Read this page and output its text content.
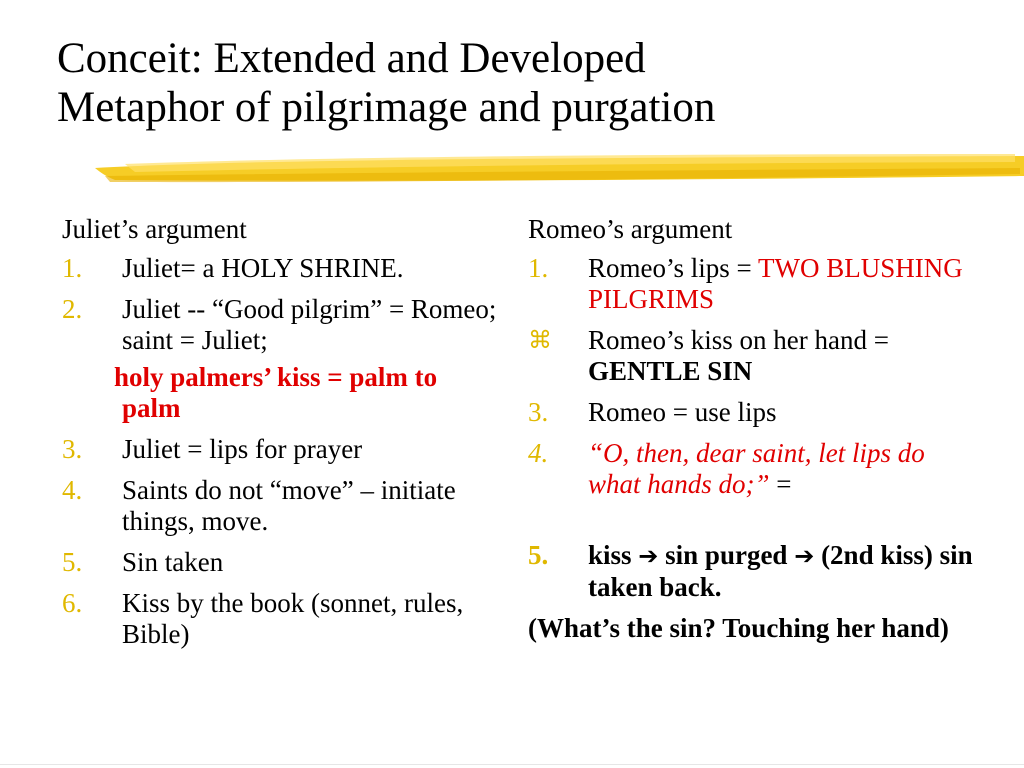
Conceit: Extended and Developed
Metaphor of pilgrimage and purgation
Juliet’s argument
1. Juliet= a HOLY SHRINE.
2. Juliet -- “Good pilgrim” = Romeo; saint = Juliet;
holy palmers’ kiss = palm to palm
3. Juliet = lips for prayer
4. Saints do not “move” – initiate things, move.
5. Sin taken
6. Kiss by the book (sonnet, rules, Bible)
Romeo’s argument
1. Romeo’s lips = TWO BLUSHING PILGRIMS
⌘ Romeo’s kiss on her hand = GENTLE SIN
3. Romeo = use lips
4. “O, then, dear saint, let lips do what hands do;” =
5. kiss ➔ sin purged ➔ (2nd kiss) sin taken back.

(What’s the sin? Touching her hand)
